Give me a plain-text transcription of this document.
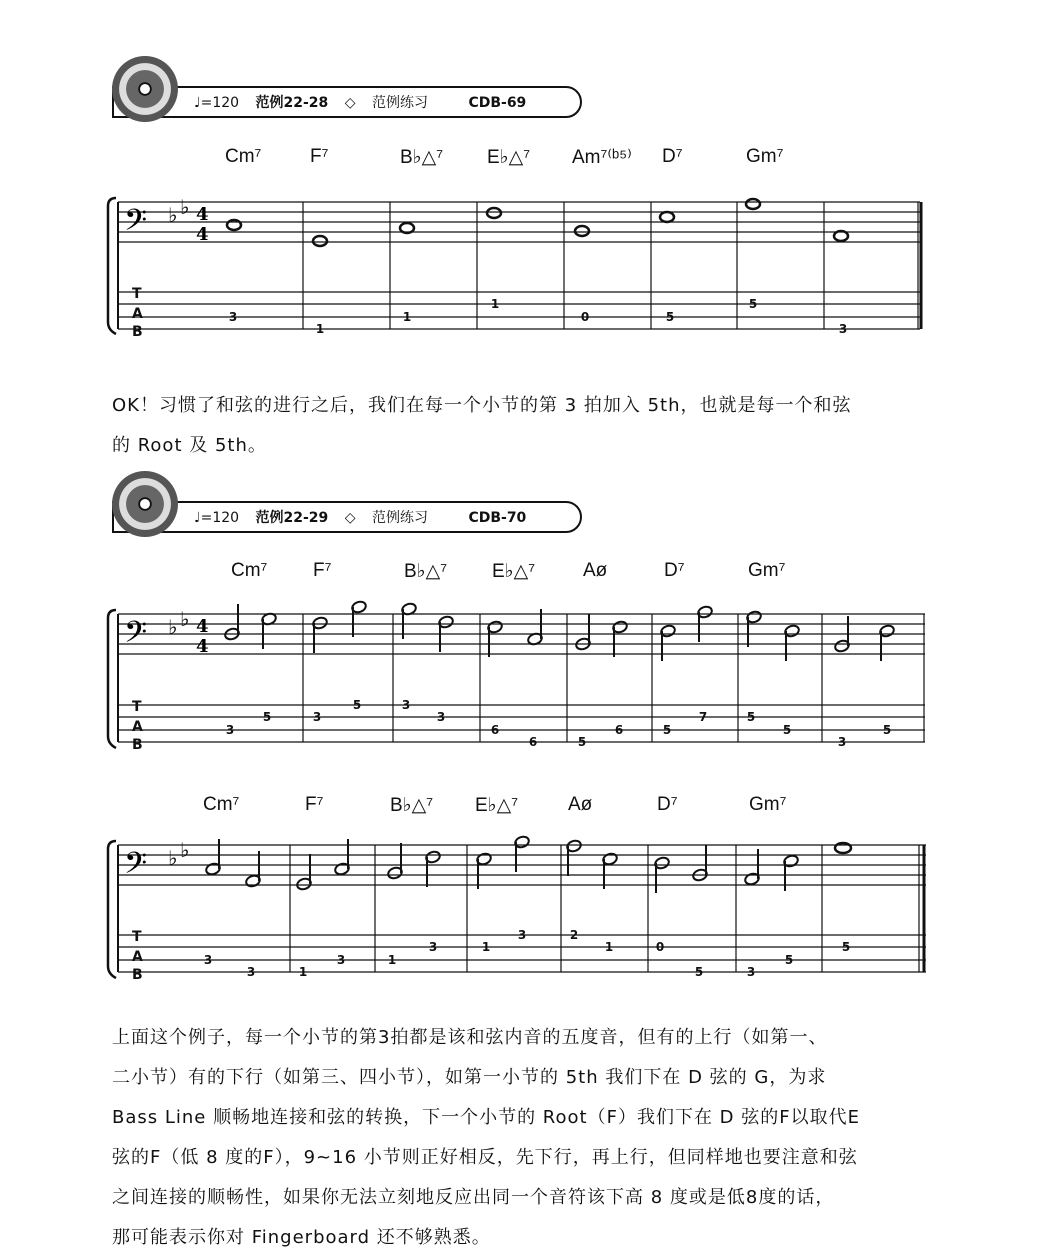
♩=120 范例22-28 ◇ 范例练习	CDB-69
Cm⁷	F⁷	B♭△⁷ E♭△⁷ Am⁷⁽ᵇ⁵⁾ D⁷	Gm⁷
𝄢 ♭ ♭ 4
4
T
A
B
3
1
1
1
0	5
5
3

OK！习惯了和弦的进行之后，我们在每一个小节的第 3 拍加入 5th，也就是每一个和弦

的 Root 及 5th。

♩=120 范例22-29 ◇ 范例练习	CDB-70
Cm⁷ F⁷	B♭△⁷ E♭△⁷	Aø	D⁷	Gm⁷
𝄢 ♭ ♭ 4
4
T
A
B
3
5	3
5	3
3
6
6	5
6	5
7	5
5
3
5
Cm⁷	F⁷	B♭△⁷ E♭△⁷	Aø	D⁷	Gm⁷
𝄢 ♭ ♭
T
A
B
3
3	1
3	1
3	1
3	2
1	0
5	3
5
5

上面这个例子，每一个小节的第3拍都是该和弦内音的五度音，但有的上行（如第一、

二小节）有的下行（如第三、四小节），如第一小节的 5th 我们下在 D 弦的 G，为求

Bass Line 顺畅地连接和弦的转换，下一个小节的 Root（F）我们下在 D 弦的F以取代E

弦的F（低 8 度的F），9~16 小节则正好相反，先下行，再上行，但同样地也要注意和弦

之间连接的顺畅性，如果你无法立刻地反应出同一个音符该下高 8 度或是低8度的话，

那可能表示你对 Fingerboard 还不够熟悉。
